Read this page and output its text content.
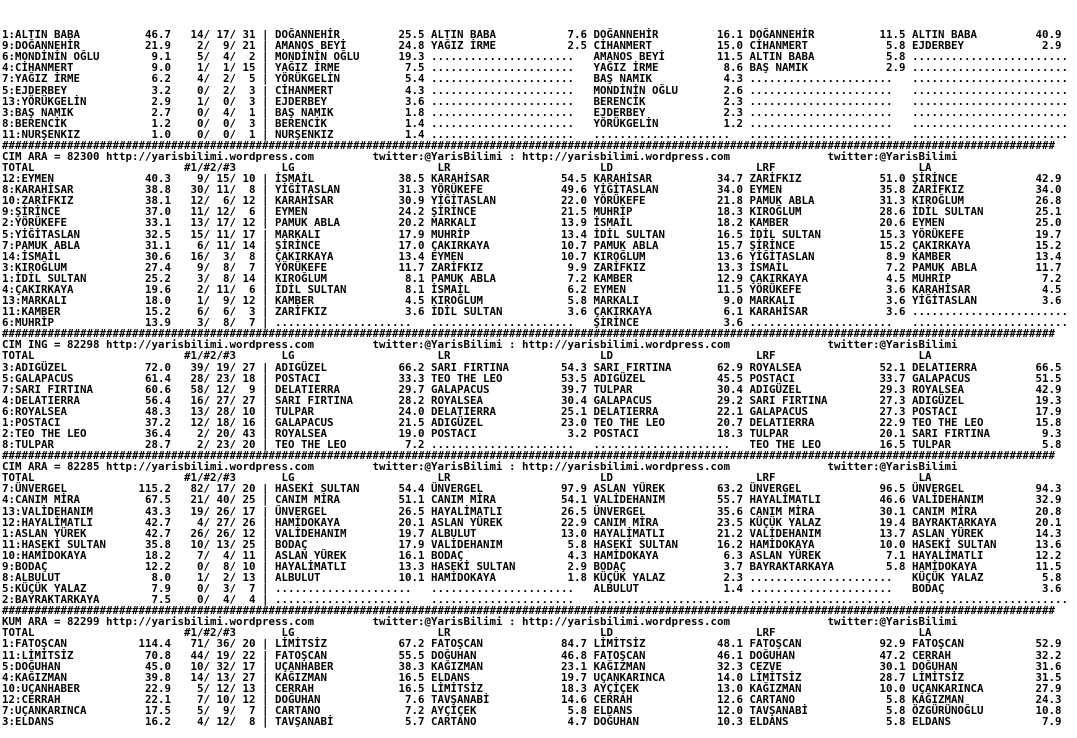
1:ALTIN BABA          46.7   14/ 17/ 31 | DOĞANNEHİR         25.5 ALTIN BABA           7.6 DOĞANNEHİR         16.1 DOĞANNEHİR          11.5 ALTIN BABA         40.9
9:DOĞANNEHİR          21.9    2/  9/ 21 | AMANOS BEYİ        24.8 YAĞIZ İRME           2.5 CİHANMERT          15.0 CİHANMERT            5.8 EJDERBEY            2.9
6:MONDİNİN OĞLU        9.1    5/  4/  2 | MONDİNİN OĞLU      19.3 ......................   AMANOS BEYİ        11.5 ALTIN BABA           5.8 ........................
4:CİHANMERT            9.0    1/  1/ 15 | YAĞIZ İRME          7.5 ......................   YAĞIZ İRME          8.6 BAŞ NAMIK            2.9 ........................
7:YAĞIZ İRME           6.2    4/  2/  5 | YÖRÜKGELİN          5.4 ......................   BAŞ NAMIK           4.3 ......................   ........................
5:EJDERBEY             3.2    0/  2/  3 | CİHANMERT           4.3 ......................   MONDİNİN OĞLU       2.6 ......................   ........................
13:YÖRÜKGELİN          2.9    1/  0/  3 | EJDERBEY            3.6 ......................   BERENCİK            2.3 ......................   ........................
3:BAŞ NAMIK            2.7    0/  4/  1 | BAŞ NAMIK           1.8 ......................   EJDERBEY            2.3 ......................   ........................
8:BERENCİK             1.2    0/  0/  3 | BERENCİK            1.4 ......................   YÖRÜKGELİN          1.2 ......................   ........................
11:NURŞENKIZ           1.0    0/  0/  1 | NURŞENKIZ           1.4 ......................   .....................   ......................   ........................
##################################################################################################################################################################
CIM ARA = 82300 http://yarisbilimi.wordpress.com         twitter:@YarisBilimi : http://yarisbilimi.wordpress.com               twitter:@YarisBilimi
TOTAL                       #1/#2/#3       LG                      LR                       LD                      LRF                      LA
12:EYMEN              40.3    9/ 15/ 10 | İSMAİL             38.5 KARAHİSAR           54.5 KARAHİSAR          34.7 ZARİFKIZ            51.0 ŞİRİNCE            42.9
8:KARAHİSAR           38.8   30/ 11/  8 | YİĞİTASLAN         31.3 YÖRÜKEFE            49.6 YİĞİTASLAN         34.0 EYMEN               35.8 ZARİFKIZ           34.0
10:ZARİFKIZ           38.1   12/  6/ 12 | KARAHİSAR          30.9 YİĞİTASLAN          22.0 YÖRÜKEFE           21.8 PAMUK ABLA          31.3 KIROĞLUM           26.8
9:ŞİRİNCE             37.0   11/ 12/  6 | EYMEN              24.2 ŞİRİNCE             21.5 MUHRİP             18.3 KIROĞLUM            28.6 İDİL SULTAN        25.1
2:YÖRÜKEFE            33.1   13/ 17/ 12 | PAMUK ABLA         20.2 MARKALI             13.9 İSMAİL             18.2 KAMBER              20.6 EYMEN              25.0
5:YİĞİTASLAN          32.5   15/ 11/ 17 | MARKALI            17.9 MUHRİP              13.4 İDİL SULTAN        16.5 İDİL SULTAN         15.3 YÖRÜKEFE           19.7
7:PAMUK ABLA          31.1    6/ 11/ 14 | ŞİRİNCE            17.0 ÇAKIRKAYA           10.7 PAMUK ABLA         15.7 ŞİRİNCE             15.2 ÇAKIRKAYA          15.2
14:İSMAİL             30.6   16/  3/  8 | ÇAKIRKAYA          13.4 EYMEN               10.7 KIROĞLUM           13.6 YİĞİTASLAN           8.9 KAMBER             13.4
3:KIROĞLUM            27.4    9/  8/  7 | YÖRÜKEFE           11.7 ZARİFKIZ             9.9 ZARİFKIZ           13.3 İSMAİL               7.2 PAMUK ABLA         11.7
1:İDİL SULTAN         25.2    3/  8/ 14 | KIROĞLUM            8.1 PAMUK ABLA           7.2 KAMBER             12.9 ÇAKIRKAYA            4.5 MUHRİP              7.2
4:ÇAKIRKAYA           19.6    2/ 11/  6 | İDİL SULTAN         8.1 İSMAİL               6.2 EYMEN              11.5 YÖRÜKEFE             3.6 KARAHİSAR           4.5
13:MARKALI            18.0    1/  9/ 12 | KAMBER              4.5 KIROĞLUM             5.8 MARKALI             9.0 MARKALI              3.6 YİĞİTASLAN          3.6
11:KAMBER             15.2    6/  6/  3 | ZARİFKIZ            3.6 İDİL SULTAN          3.6 ÇAKIRKAYA           6.1 KARAHİSAR            3.6 ........................
6:MUHRİP              13.9    3/  8/  7 | .....................   ......................   ŞİRİNCE             3.6 ......................   ........................
##################################################################################################################################################################
CIM ING = 82298 http://yarisbilimi.wordpress.com         twitter:@YarisBilimi : http://yarisbilimi.wordpress.com               twitter:@YarisBilimi
TOTAL                       #1/#2/#3       LG                      LR                       LD                      LRF                      LA
3:ADIGÜZEL            72.0   39/ 19/ 27 | ADIGÜZEL           66.2 SARI FIRTINA        54.3 SARI FIRTINA       62.9 ROYALSEA            52.1 DELATIERRA         66.5
5:GALAPACUS           61.4   28/ 23/ 18 | POSTACI            33.3 TEO THE LEO         53.5 ADIGÜZEL           45.5 POSTACI             33.7 GALAPACUS          51.5
7:SARI FIRTINA        60.6   58/ 12/  9 | DELATIERRA         29.7 GALAPACUS           39.7 TULPAR             30.4 ADIGÜZEL            29.3 ROYALSEA           42.9
4:DELATIERRA          56.4   16/ 27/ 27 | SARI FIRTINA       28.2 ROYALSEA            30.4 GALAPACUS          29.2 SARI FIRTINA        27.3 ADIGÜZEL           19.3
6:ROYALSEA            48.3   13/ 28/ 10 | TULPAR             24.0 DELATIERRA          25.1 DELATIERRA         22.1 GALAPACUS           27.3 POSTACI            17.9
1:POSTACI             37.2   12/ 18/ 16 | GALAPACUS          21.5 ADIGÜZEL            23.0 TEO THE LEO        20.7 DELATIERRA          22.9 TEO THE LEO        15.8
2:TEO THE LEO         36.4    2/ 20/ 43 | ROYALSEA           19.0 POSTACI              3.2 POSTACI            18.3 TULPAR              20.1 SARI FIRTINA        9.3
8:TULPAR              28.7    2/ 23/ 20 | TEO THE LEO         7.2 ......................   .....................   TEO THE LEO         16.5 TULPAR              5.8
##################################################################################################################################################################
CIM ARA = 82285 http://yarisbilimi.wordpress.com         twitter:@YarisBilimi : http://yarisbilimi.wordpress.com               twitter:@YarisBilimi
TOTAL                       #1/#2/#3       LG                      LR                       LD                      LRF                      LA
7:ÜNVERGEL           115.2   82/ 17/ 20 | HASEKİ SULTAN      54.4 ÜNVERGEL            97.9 ASLAN YÜREK        63.2 ÜNVERGEL            96.5 ÜNVERGEL           94.3
4:CANIM MİRA          67.5   21/ 40/ 25 | CANIM MİRA         51.1 CANIM MİRA          54.1 VALİDEHANIM        55.7 HAYALİMATLI         46.6 VALİDEHANIM        32.9
13:VALİDEHANIM        43.3   19/ 26/ 17 | ÜNVERGEL           26.5 HAYALİMATLI         26.5 ÜNVERGEL           35.6 CANIM MİRA          30.1 CANIM MİRA         20.8
12:HAYALİMATLI        42.7    4/ 27/ 26 | HAMİDOKAYA         20.1 ASLAN YÜREK         22.9 CANIM MİRA         23.5 KÜÇÜK YALAZ         19.4 BAYRAKTARKAYA      20.1
1:ASLAN YÜREK         42.7   26/ 26/ 12 | VALİDEHANIM        19.7 ALBULUT             13.0 HAYALİMATLI        21.2 VALİDEHANIM         13.7 ASLAN YÜREK        14.3
11:HASEKİ SULTAN      35.8   10/ 13/ 25 | BODAÇ              17.9 VALİDEHANIM          5.8 HASEKİ SULTAN      16.2 HAMİDOKAYA          10.0 HASEKİ SULTAN      13.6
10:HAMİDOKAYA         18.2    7/  4/ 11 | ASLAN YÜREK        16.1 BODAÇ                4.3 HAMİDOKAYA          6.3 ASLAN YÜREK          7.1 HAYALİMATLI        12.2
9:BODAÇ               12.2    0/  8/ 10 | HAYALİMATLI        13.3 HASEKİ SULTAN        2.9 BODAÇ               3.7 BAYRAKTARKAYA        5.8 HAMİDOKAYA         11.5
8:ALBULUT              8.0    1/  2/ 13 | ALBULUT            10.1 HAMİDOKAYA           1.8 KÜÇÜK YALAZ         2.3 ......................   KÜÇÜK YALAZ         5.8
5:KÜÇÜK YALAZ          7.9    0/  3/  7 | .....................   ......................   ALBULUT             1.4 ......................   BODAÇ               3.6
2:BAYRAKTARKAYA        7.5    0/  4/  4 | .....................   ......................   .....................   ......................   ........................
##################################################################################################################################################################
KUM ARA = 82299 http://yarisbilimi.wordpress.com         twitter:@YarisBilimi : http://yarisbilimi.wordpress.com               twitter:@YarisBilimi
TOTAL                       #1/#2/#3       LG                      LR                       LD                      LRF                      LA
1:FATOŞCAN           114.4   71/ 36/ 20 | LİMİTSİZ           67.2 FATOŞCAN            84.7 LİMİTSİZ           48.1 FATOŞCAN            92.9 FATOŞCAN           52.9
11:LİMİTSİZ           70.8   44/ 19/ 22 | FATOŞCAN           55.5 DOĞUHAN             46.8 FATOŞCAN           46.1 DOĞUHAN             47.2 CERRAH             32.2
5:DOĞUHAN             45.0   10/ 32/ 17 | UÇANHABER          38.3 KAĞIZMAN            23.1 KAĞIZMAN           32.3 CEZVE               30.1 DOĞUHAN            31.6
4:KAĞIZMAN            39.8   14/ 13/ 27 | KAĞIZMAN           16.5 ELDANS              19.7 UÇANKARINCA        14.0 LİMİTSİZ            28.7 LİMİTSİZ           31.5
10:UÇANHABER          22.9    5/ 12/ 13 | CERRAH             16.5 LİMİTSİZ            18.3 AYÇİÇEK            13.0 KAĞIZMAN            10.0 UÇANKARINCA        27.9
12:CERRAH             22.1    7/ 10/ 12 | DOĞUHAN             7.6 TAVŞANABİ           14.6 CERRAH             12.6 CARTANO              5.8 KAĞIZMAN           24.3
7:UÇANKARINCA         17.5    5/  9/  7 | CARTANO             7.2 AYÇİÇEK              5.8 ELDANS             12.0 TAVŞANABİ            5.8 ÖZGÜRÜNOĞLU        10.8
3:ELDANS              16.2    4/ 12/  8 | TAVŞANABİ           5.7 CARTANO              4.7 DOĞUHAN            10.3 ELDANS               5.8 ELDANS              7.9
